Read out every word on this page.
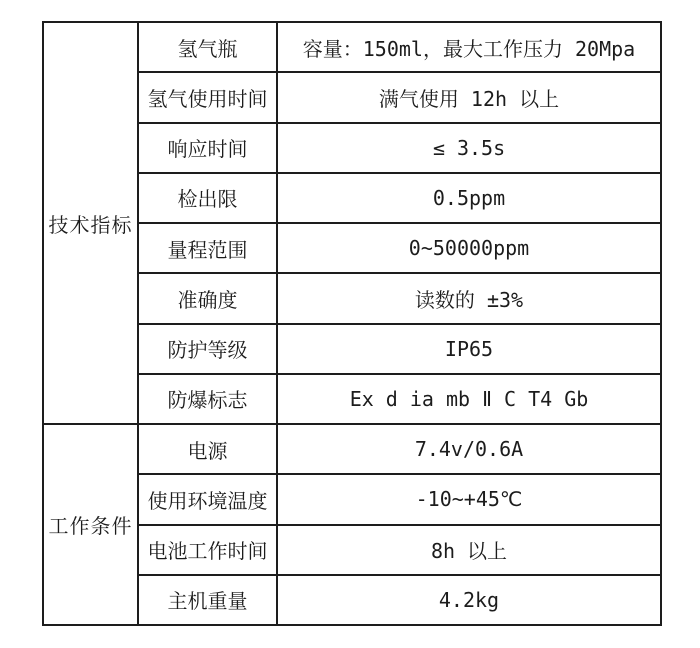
技术指标	氢气瓶	容量：150ml，最大工作压力 20Mpa
	氢气使用时间	满气使用 12h 以上
	响应时间	≤ 3.5s
	检出限	0.5ppm
	量程范围	0~50000ppm
	准确度	读数的 ±3%
	防护等级	IP65
	防爆标志	Ex d ia mb Ⅱ C T4 Gb
工作条件	电源	7.4v/0.6A
	使用环境温度	-10~+45℃
	电池工作时间	8h 以上
	主机重量	4.2kg
